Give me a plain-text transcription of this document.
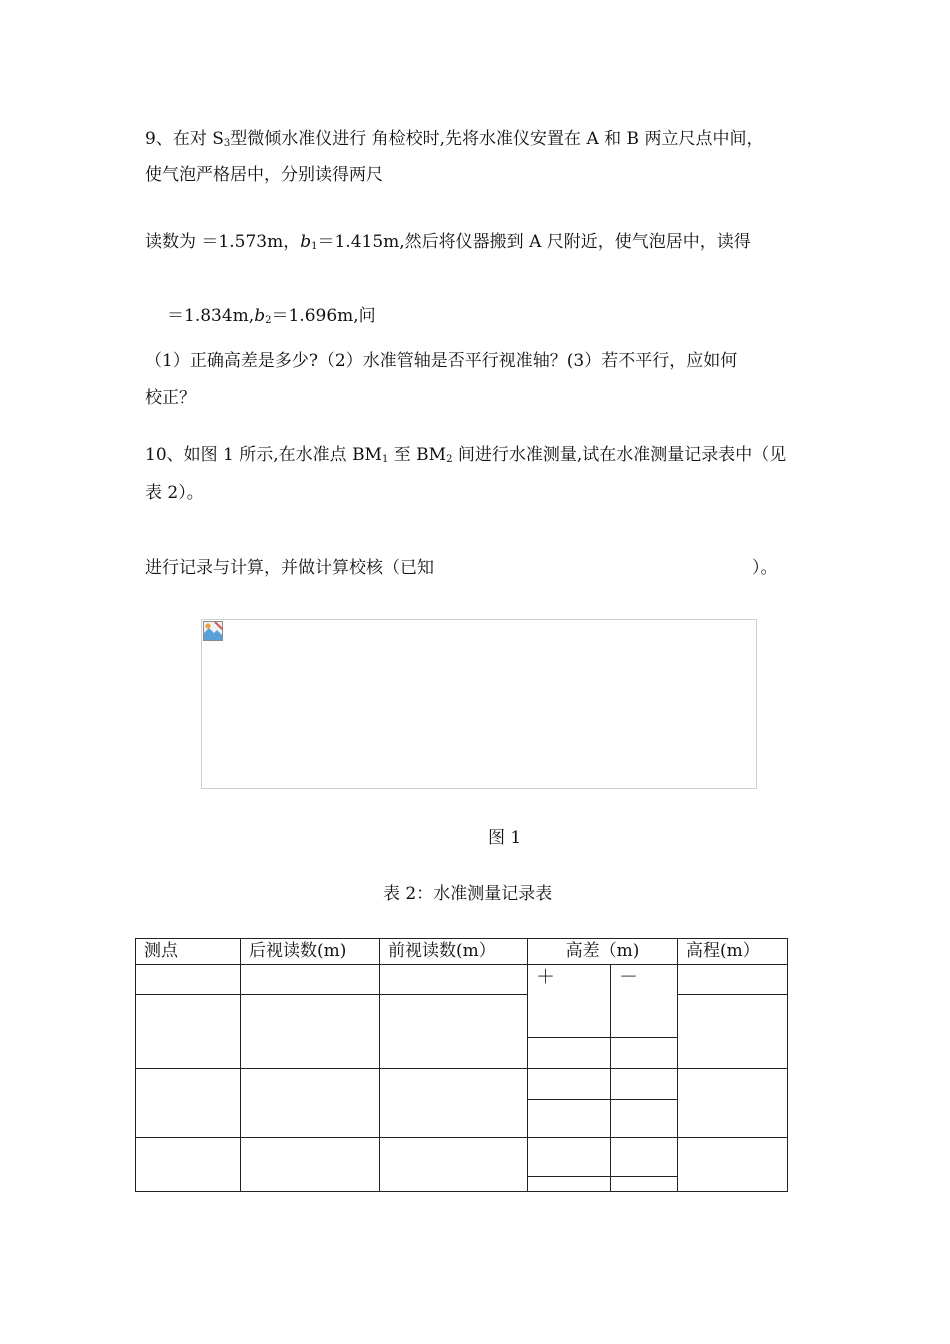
9、在对 $S_3$型微倾水准仪进行 角检校时,先将水准仪安置在 A 和 B 两立尺点中间，
使气泡严格居中，分别读得两尺
读数为 ＝1.573m，$b_1=1.415m$,然后将仪器搬到 A 尺附近，使气泡居中，读得
$=1.834m,b_2=1.696m$,问
（1）正确高差是多少?（2）水准管轴是否平行视准轴？(3）若不平行，应如何
校正？
10、如图 1 所示,在水准点 $BM_1$ 至 $BM_2$ 间进行水准测量,试在水准测量记录表中（见
表 2）。
进行记录与计算，并做计算校核（已知	）。
图 1
表 2：水准测量记录表
测点	后视读数(m)	前视读数(m）	高差（m)		高程(m）
			＋	－	
